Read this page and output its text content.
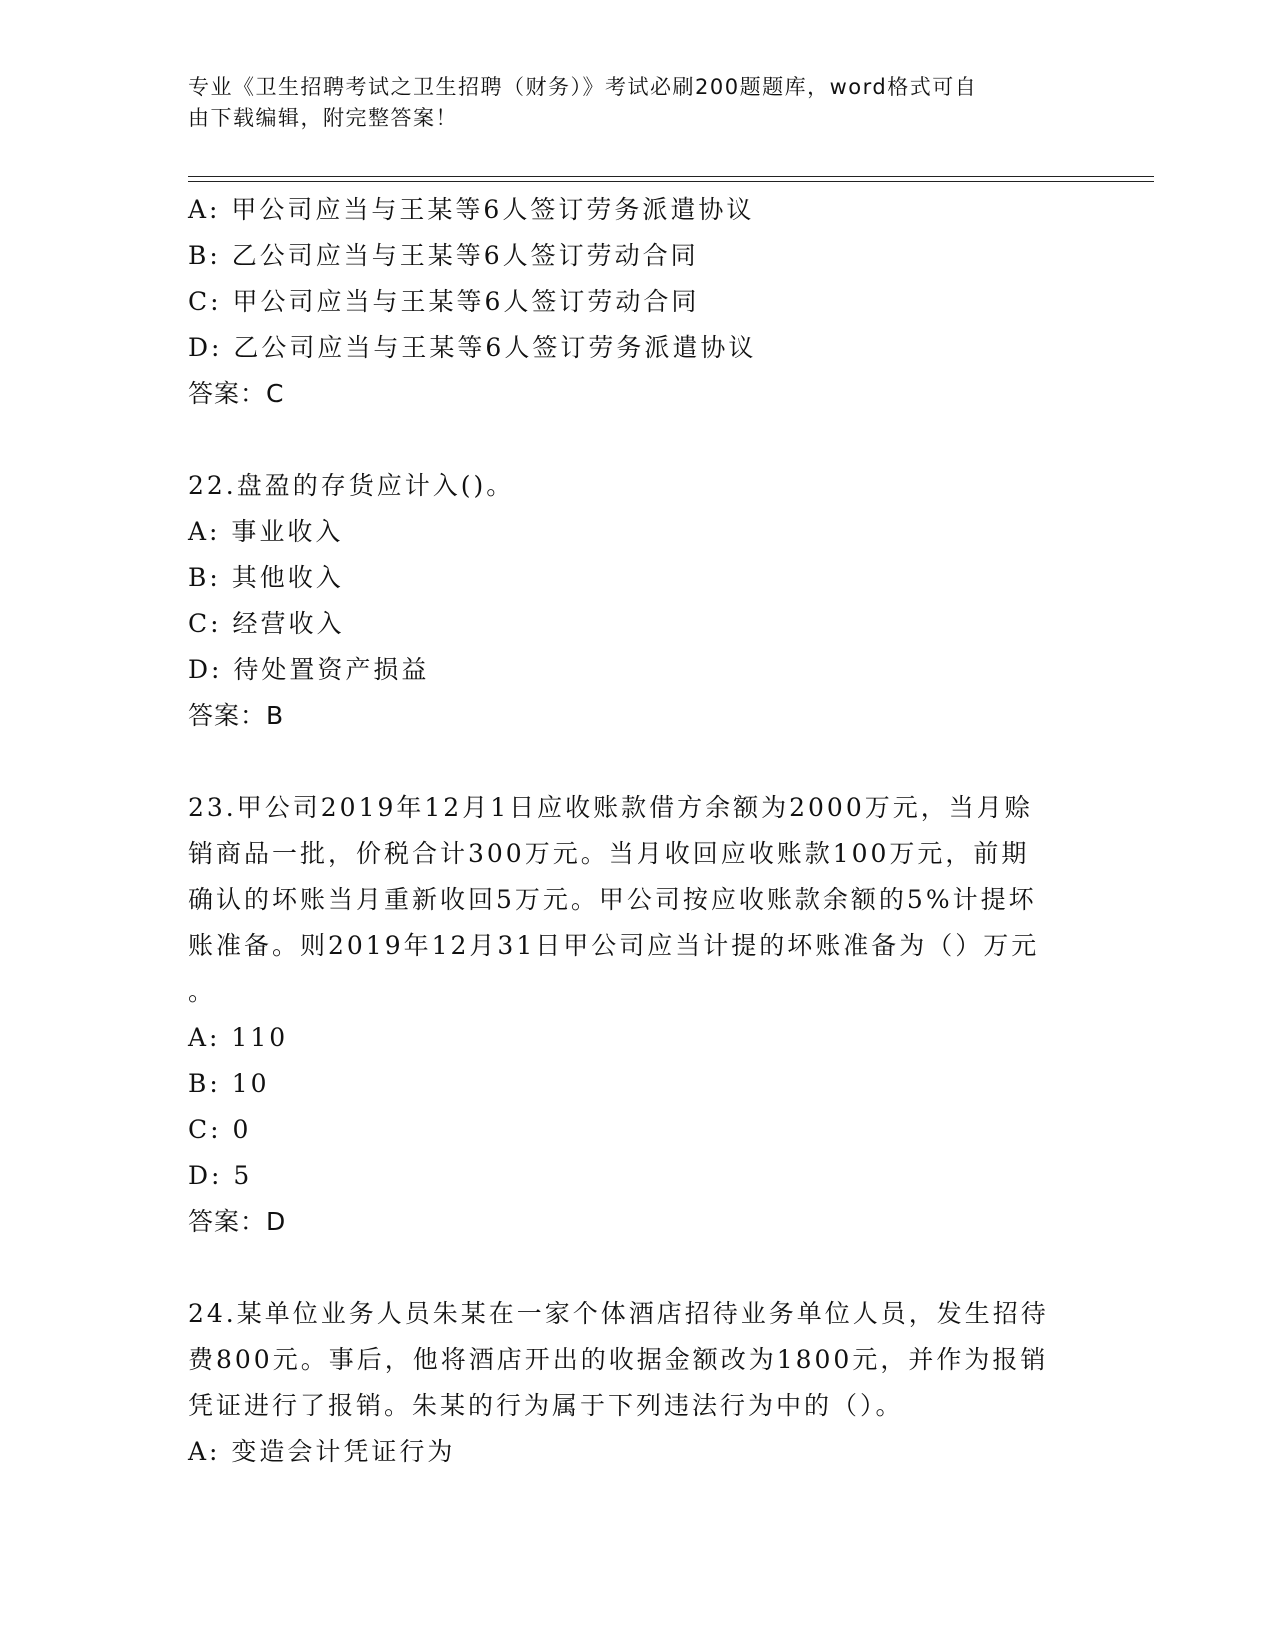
专业《卫生招聘考试之卫生招聘（财务）》考试必刷200题题库，word格式可自
由下载编辑，附完整答案！
A: 甲公司应当与王某等6人签订劳务派遣协议
B: 乙公司应当与王某等6人签订劳动合同
C: 甲公司应当与王某等6人签订劳动合同
D: 乙公司应当与王某等6人签订劳务派遣协议
答案：C
22.盘盈的存货应计入()。
A: 事业收入
B: 其他收入
C: 经营收入
D: 待处置资产损益
答案：B
23.甲公司2019年12月1日应收账款借方余额为2000万元，当月赊
销商品一批，价税合计300万元。当月收回应收账款100万元，前期
确认的坏账当月重新收回5万元。甲公司按应收账款余额的5%计提坏
账准备。则2019年12月31日甲公司应当计提的坏账准备为（）万元
。
A: 110
B: 10
C: 0
D: 5
答案：D
24.某单位业务人员朱某在一家个体酒店招待业务单位人员，发生招待
费800元。事后，他将酒店开出的收据金额改为1800元，并作为报销
凭证进行了报销。朱某的行为属于下列违法行为中的（）。
A: 变造会计凭证行为
